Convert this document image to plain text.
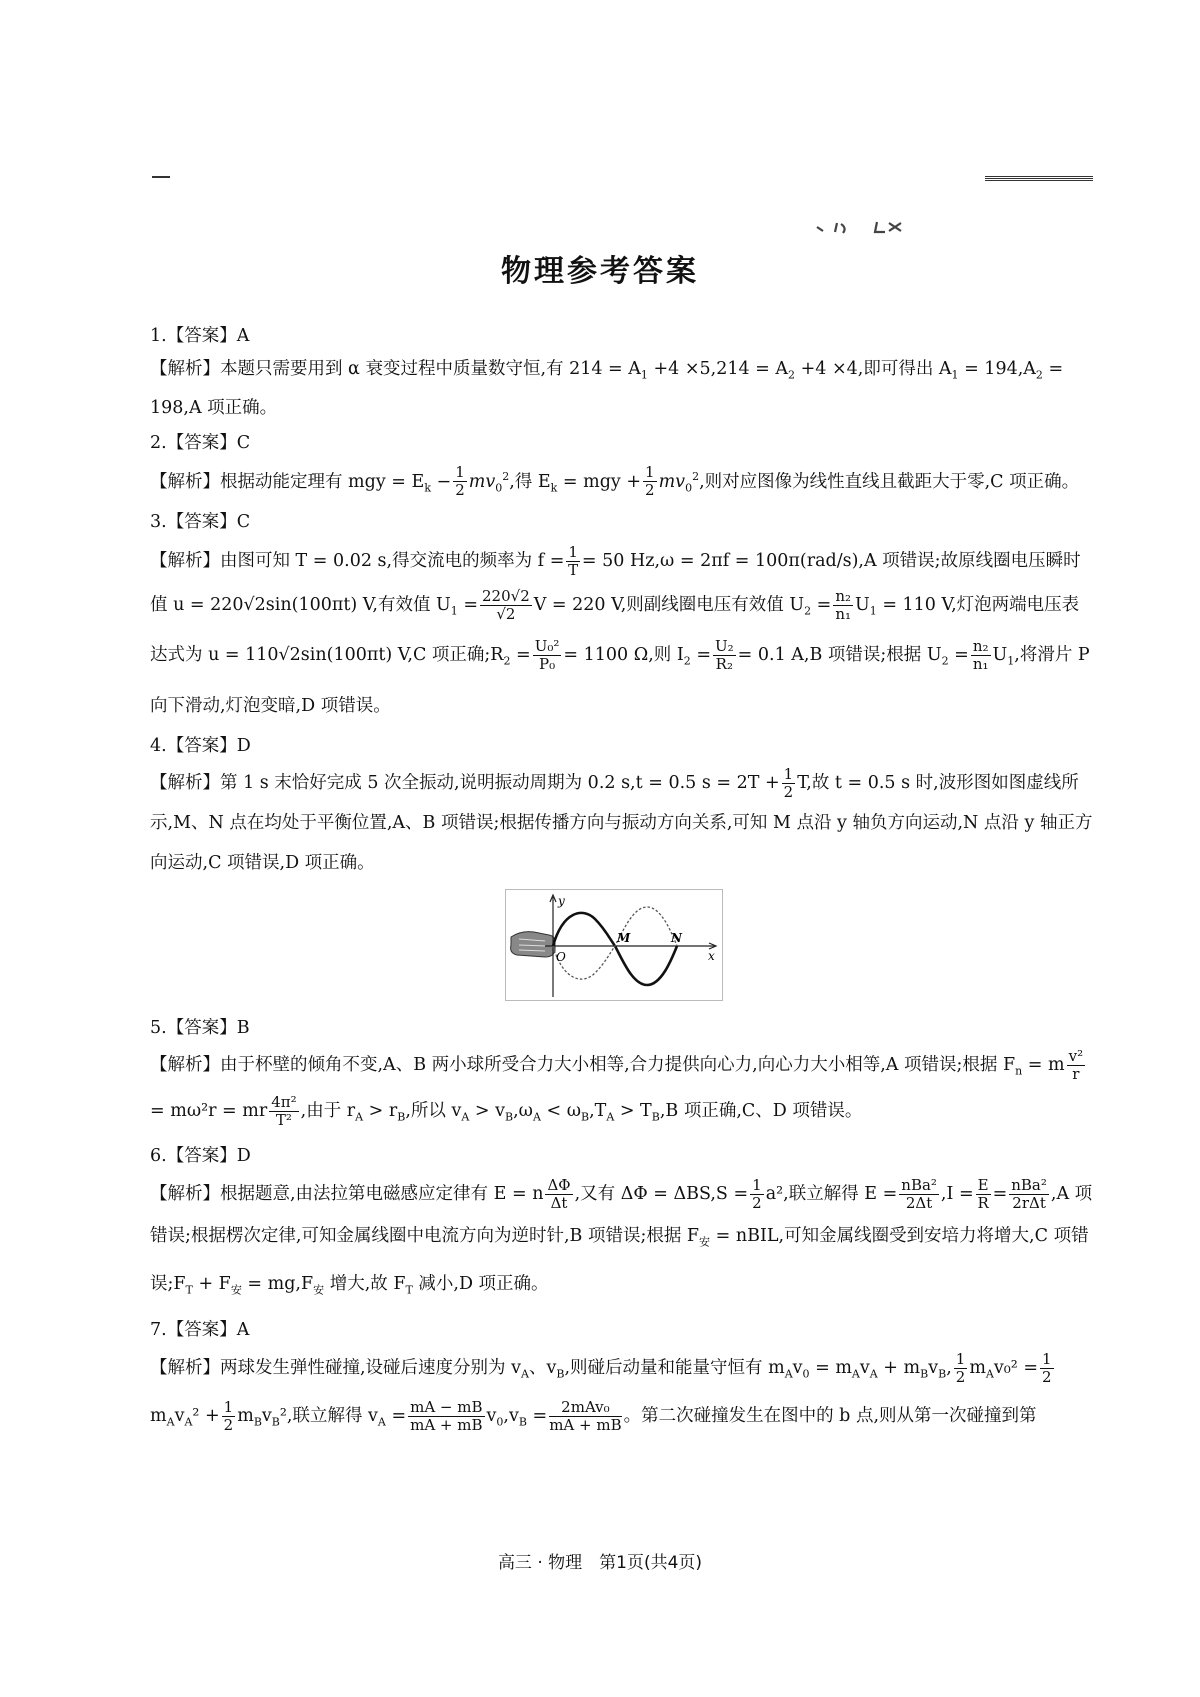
物理参考答案
1.【答案】A
【解析】本题只需要用到 α 衰变过程中质量数守恒,有 $214 = A_1 +4 \times 5,214 = A_2 +4 \times 4$,即可得出 $A_1 = 194,A_2 = 198,A$ 项正确。
2.【答案】C
【解析】根据动能定理有 mgy = $E_k - \frac{1}{2} mv_0^2$,得 $E_k$ = mgy + $\frac{1}{2} mv_0^2$,则对应图像为线性直线且截距大于零,C 项正确。
3.【答案】C
【解析】由图可知 T = 0.02 s,得交流电的频率为 $f = \frac{1}{T} = 50$ Hz,ω = 2πf = 100π(rad/s),A 项错误;故原线圈电压瞬时值 u = 220√2sin(100πt) V,有效值 $U_1 = \frac{220√2}{√2}$ V = 220 V,则副线圈电压有效值 $U_2 = \frac{\text{n₂}}{\text{n₁}} U_1 = 110$ V,灯泡两端电压表达式为 u = 110√2sin(100πt) V,C 项正确$;R_2 = \frac{\text{U₀²}}{\text{P₀}} = 1100$ Ω,则 $I_2 = \frac{\text{U₂}}{\text{R₂}} = 0.1$ A,B 项错误;根据 $U_2 = \frac{\text{n₂}}{\text{n₁}} U_1$,将滑片 P 向下滑动,灯泡变暗,D 项错误。
4.【答案】D
【解析】第 1 s 末恰好完成 5 次全振动,说明振动周期为 0.2 s,t = 0.5 $s = 2T + \frac{1}{2} T$,故 t = 0.5 s 时,波形图如图虚线所示,M、N 点在均处于平衡位置,A、B 项错误;根据传播方向与振动方向关系,可知 M 点沿 y 轴负方向运动,N 点沿 y 轴正方向运动,C 项错误,D 项正确。
y
O
M	N
x
5.【答案】B
【解析】由于杯壁的倾角不变,A、B 两小球所受合力大小相等,合力提供向心力,向心力大小相等,A 项错误;根据 $F_n = m \frac{\text{v²}}{r}$
= mω²r = mr $\frac{\text{4π²}}{\text{T²}}$ ,由于 $r_A > r_B$,所以 $v_A > v_B,\omega_A < \omega_B,T_A > T_B,B$ 项正确,C、D 项错误。
6.【答案】D
【解析】根据题意,由法拉第电磁感应定律有 E = n $\frac{\Delta\Phi}{\Delta t}$ ,又有 $\Delta\Phi = \Delta BS,S = \frac{1}{2} a^2$,联立解得 $E = \frac{\text{nBa²}}{2\Delta t} ,I = \frac{E}{R} = \frac{\text{nBa²}}{\text{2rΔt}} ,A$ 项错误;根据楞次定律,可知金属线圈中电流方向为逆时针,B 项错误;根据 $F_安$ = nBIL,可知金属线圈受到安培力将增大,C 项错误$;F_T + F_安 = mg,F_安$ 增大,故 $F_T$ 减小,D 项正确。
7.【答案】A
【解析】两球发生弹性碰撞,设碰后速度分别为 $v_A$、$v_B$,则碰后动量和能量守恒有 $m_Av_0 = m_Av_A + m_Bv_B$, $\frac{1}{2} m_Av_0^2 = \frac{1}{2}$
$m_Av_A^2 + \frac{1}{2} m_Bv_B^2$,联立解得 $v_A = \frac{mA - mB}{mA + mB} v_0,v_B = \frac{\text{2mAv₀}}{mA + mB}$ 。第二次碰撞发生在图中的 b 点,则从第一次碰撞到第
高三 · 物理　第1页(共4页)
